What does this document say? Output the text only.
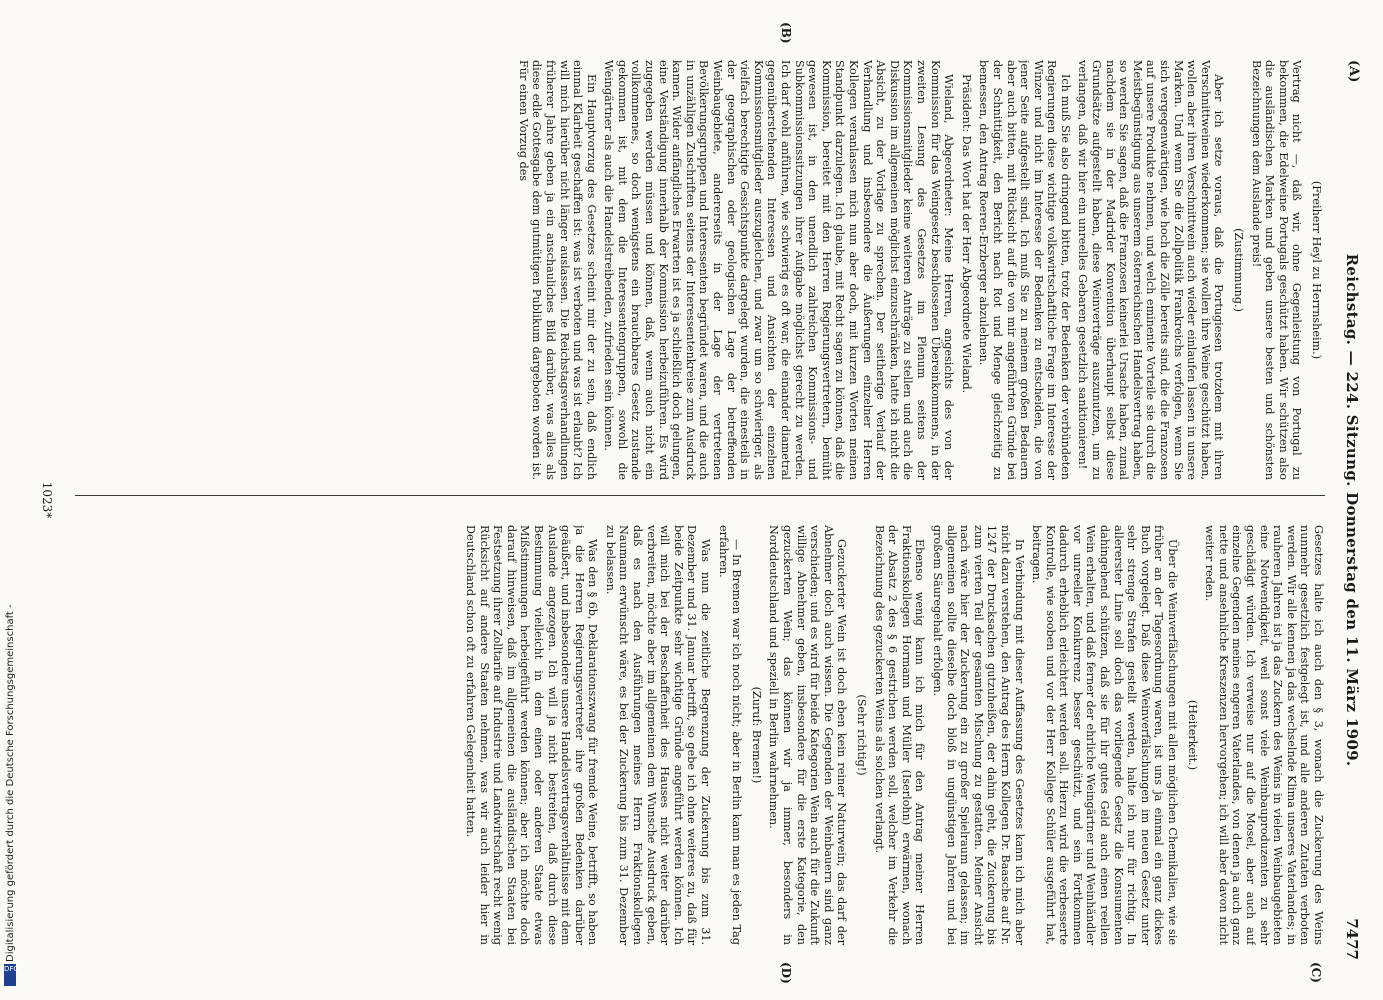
(A)
Reichstag. — 224. Sitzung. Donnerstag den 11. März 1909.
7477

(Freiherr Heyl zu Herrnsheim.)

Vertrag nicht —, daß wir, ohne Gegenleistung von Portugal zu bekommen, die Edelweine Portugals geschützt haben. Wir schützen also die ausländischen Marken und geben unsere besten und schönsten Bezeichnungen dem Auslande preis!

(Zustimmung.)

Aber ich setze voraus, daß die Portugiesen trotzdem mit ihren Verschnittweinen wiederkommen; sie wollen ihre Weine geschützt haben, wollen aber ihren Verschnittwein auch wieder einlaufen lassen in unsere Marken. Und wenn Sie die Zollpolitik Frankreichs verfolgen, wenn Sie sich vergegenwärtigen, wie hoch die Zölle bereits sind, die die Franzosen auf unsere Produkte nehmen, und welch eminente Vorteile sie durch die Meistbegünstigung aus unserem österreichischen Handelsvertrag haben, so werden Sie sagen, daß die Franzosen keinerlei Ursache haben, zumal nachdem sie in der Madrider Konvention überhaupt selbst diese Grundsätze aufgestellt haben, diese Weinverträge auszunutzen, um zu verlangen, daß wir hier ein unreelles Gebaren gesetzlich sanktionieren!

Ich muß Sie also dringend bitten, trotz der Bedenken der verbündeten Regierungen diese wichtige volkswirtschaftliche Frage im Interesse der Winzer und nicht im Interesse der Bedenken zu entscheiden, die von jener Seite aufgestellt sind. Ich muß Sie zu meinem großen Bedauern aber auch bitten, mit Rücksicht auf die von mir angeführten Gründe bei der Schnittigkeit, den Bericht nach Rot und Menge gleichzeitig zu bemessen, den Antrag Roeren-Erzberger abzulehnen.

Präsident: Das Wort hat der Herr Abgeordnete Wieland.

Wieland, Abgeordneter: Meine Herren, angesichts des von der Kommission für das Weingesetz beschlossenen Übereinkommens, in der zweiten Lesung des Gesetzes im Plenum seitens der Kommissionsmitglieder keine weiteren Anträge zu stellen und auch die Diskussion im allgemeinen möglichst einzuschränken, hatte ich nicht die Absicht, zu der Vorlage zu sprechen. Der seitherige Verlauf der Verhandlung und insbesondere die Äußerungen einzelner Herren Kollegen veranlassen mich nun aber doch, mit kurzen Worten meinen Standpunkt darzulegen. Ich glaube, mit Recht sagen zu können, daß die Kommission, bereitet mit den Herren Regierungsvertretern, bemüht gewesen ist, in den unendlich zahlreichen Kommissions- und Subkommissionssitzungen ihrer Aufgabe möglichst gerecht zu werden. Ich darf wohl anführen, wie schwierig es oft war, die einander diametral gegenüberstehenden Interessen und Ansichten der einzelnen Kommissionsmitglieder auszugleichen, und zwar um so schwieriger, als vielfach berechtigte Gesichtspunkte dargelegt wurden, die einesteils in der geographischen oder geologischen Lage der betreffenden Weinbaugebiete, andererseits in der Lage der vertretenen Bevölkerungsgruppen und Interessenten begründet waren, und die auch in unzähligen Zuschriften seitens der Interessentenkreise zum Ausdruck kamen. Wider anfängliches Erwarten ist es ja schließlich doch gelungen, eine Verständigung innerhalb der Kommission herbeizuführen. Es wird zugegeben werden müssen und können, daß, wenn auch nicht ein vollkommenes, so doch wenigstens ein brauchbares Gesetz zustande gekommen ist, mit dem die Interessentengruppen, sowohl die Weingärtner als auch die Handelstreibenden, zufrieden sein können.

Ein Hauptvorzug des Gesetzes scheint mir der zu sein, daß endlich einmal Klarheit geschaffen ist: was ist verboten und was ist erlaubt? Ich will mich hierüber nicht länger auslassen. Die Reichstagsverhandlungen früherer Jahre geben ja ein anschauliches Bild darüber, was alles als diese edle Gottesgabe dem gutmütigen Publikum dargeboten worden ist. Für einen Vorzug des

Gesetzes halte ich auch den § 3, wonach die Zuckerung des Weins nunmehr gesetzlich festgelegt ist, und alle anderen Zutaten verboten werden. Wir alle kennen ja das wechselnde Klima unseres Vaterlandes; in rauheren Jahren ist ja das Zuckern des Weins in vielen Weinbaugebieten eine Notwendigkeit, weil sonst viele Weinbauproduzenten zu sehr geschädigt würden. Ich verweise nur auf die Mosel, aber auch auf einzelne Gegenden meines engeren Vaterlandes, von denen ja auch ganz nette und ansehnliche Kreszenzen hervorgehen; ich will aber davon nicht weiter reden.

(Heiterkeit.)

Über die Weinverfälschungen mit allen möglichen Chemikalien, wie sie früher an der Tagesordnung waren, ist uns ja einmal ein ganz dickes Buch vorgelegt. Daß diese Weinverfälschungen im neuen Gesetz unter sehr strenge Strafen gestellt werden, halte ich nur für richtig. In allererster Linie soll doch das vorliegende Gesetz die Konsumenten dahingehend schützen, daß sie für ihr gutes Geld auch einen reellen Wein erhalten, und daß ferner der ehrliche Weingärtner und Weinhändler vor unreeller Konkurrenz besser geschützt, und sein Fortkommen dadurch erheblich erleichtert werden soll. Hierzu wird die verbesserte Kontrolle, wie sooben und vor der Herr Kollege Schüler ausgeführt hat, beitragen.

In Verbindung mit dieser Auffassung des Gesetzes kann ich mich aber nicht dazu verstehen, den Antrag des Herrn Kollegen Dr. Baasche auf Nr. 1247 der Drucksachen gutzuheißen, der dahin geht, die Zuckerung bis zum vierten Teil der gesamten Mischung zu gestatten. Meiner Ansicht nach wäre hier der Zuckerung ein zu großer Spielraum gelassen; im allgemeinen sollte dieselbe doch bloß in ungünstigen Jahren und bei großem Säuregehalt erfolgen.

Ebenso wenig kann ich mich für den Antrag meiner Herren Fraktionskollegen Hormann und Müller (Iserlohn) erwärmen, wonach der Absatz 2 des § 6 gestrichen werden soll, welcher im Verkehr die Bezeichnung des gezuckerten Weins als solchen verlangt.

(Sehr richtig!)

Gezuckerter Wein ist doch eben kein reiner Naturwein; das darf der Abnehmer doch auch wissen. Die Gegenden der Weinbauern sind ganz verschieden; und es wird für beide Kategorien Wein auch für die Zukunft willige Abnehmer geben, insbesondere für die erste Kategorie, den gezuckerten Wein; das können wir ja immer, besonders in Norddeutschland und speziell in Berlin wahrnehmen.

(Zuruf: Bremen!)

— In Bremen war ich noch nicht; aber in Berlin kann man es jeden Tag erfahren.

Was nun die zeitliche Begrenzung der Zuckerung bis zum 31. Dezember und 31. Januar betrifft, so gebe ich ohne weiteres zu, daß für beide Zeitpunkte sehr wichtige Gründe angeführt werden können. Ich will mich bei der Beschaffenheit des Hauses nicht weiter darüber verbreiten, möchte aber im allgemeinen dem Wunsche Ausdruck geben, daß es nach den Ausführungen meines Herrn Fraktionskollegen Naumann erwünscht wäre, es bei der Zuckerung bis zum 31. Dezember zu belassen.

Was den § 6b, Deklarationszwang für fremde Weine, betrifft, so haben ja die Herren Regierungsvertreter ihre großen Bedenken darüber geäußert, und insbesondere unsere Handelsvertragsverhältnisse mit dem Auslande angezogen. Ich will ja nicht bestreiten, daß durch diese Bestimmung vielleicht in dem einen oder anderen Staate etwas Mißstimmungen herbeigeführt werden können; aber ich möchte doch darauf hinweisen, daß im allgemeinen die ausländischen Staaten bei Festsetzung ihrer Zolltarife auf Industrie und Landwirtschaft recht wenig Rücksicht auf andere Staaten nehmen, was wir auch leider hier in Deutschland schon oft zu erfahren Gelegenheit hatten.

(B)
(D)	(C)
1023*
Digitalisierung gefördert durch die Deutsche Forschungsgemeinschaft -
DFG
